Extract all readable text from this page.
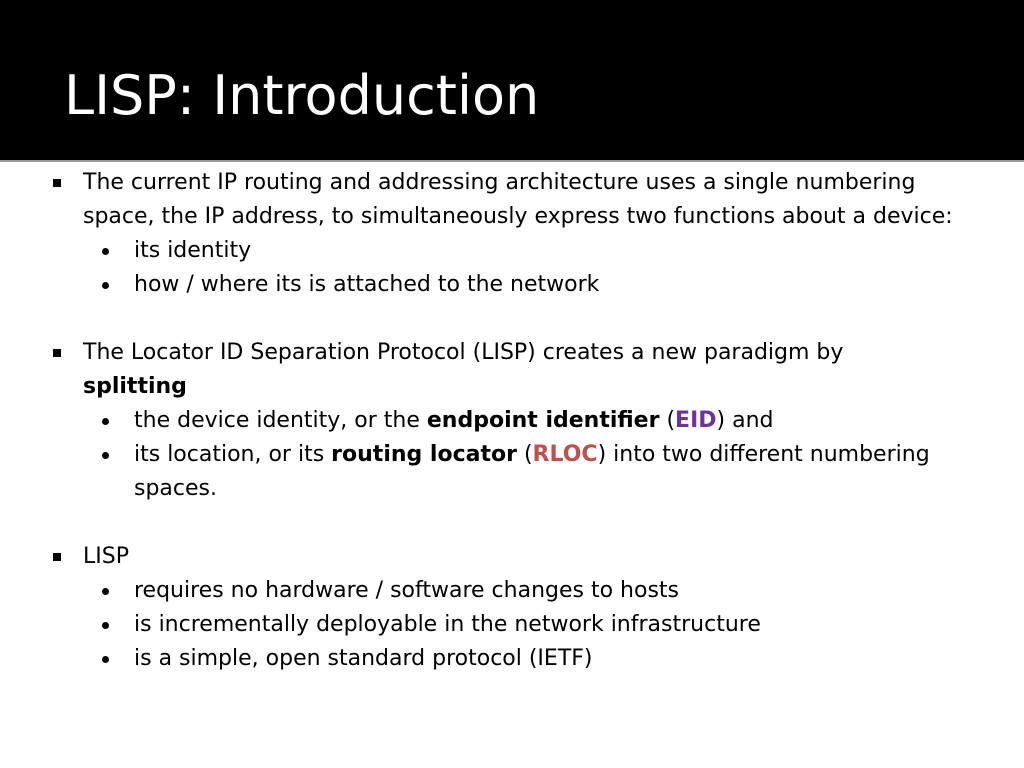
LISP: Introduction
The current IP routing and addressing architecture uses a single numbering space, the IP address, to simultaneously express two functions about a device:
its identity
how / where its is attached to the network
The Locator ID Separation Protocol (LISP) creates a new paradigm by
splitting
the device identity, or the endpoint identifier (EID) and
its location, or its routing locator (RLOC) into two different numbering spaces.
LISP
requires no hardware / software changes to hosts
is incrementally deployable in the network infrastructure
is a simple, open standard protocol (IETF)
